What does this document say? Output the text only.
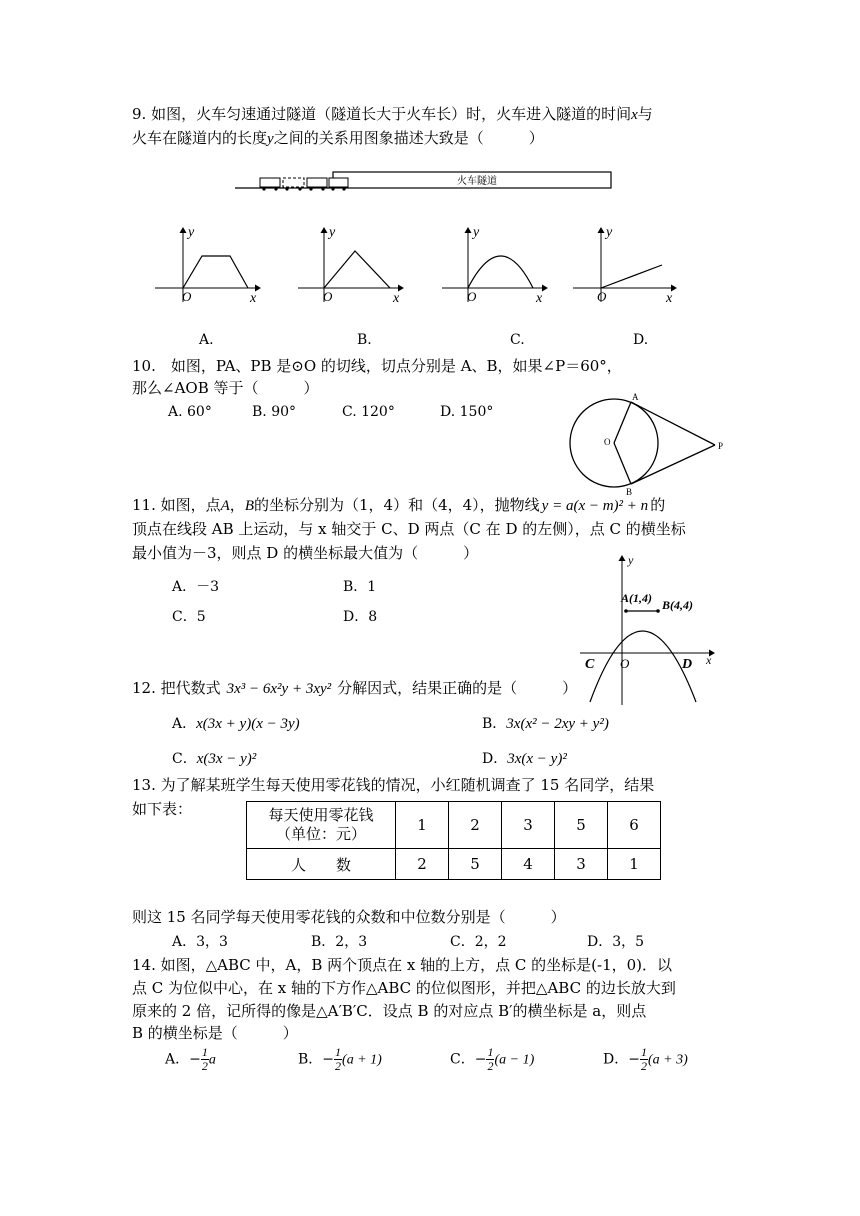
9. 如图，火车匀速通过隧道（隧道长大于火车长）时，火车进入隧道的时间x与
火车在隧道内的长度y之间的关系用图象描述大致是（　　　）
火车隧道
y
O	x
y
O	x
y
O	x
y
O	x
A.	B.	C.	D.
10.　如图，PA、PB 是⊙O 的切线，切点分别是 A、B，如果∠P＝60°，
那么∠AOB 等于（　　　）
A. 60°	B. 90°	C. 120°	D. 150°
A
B
O	P
11. 如图，点A，B的坐标分别为（1，4）和（4，4），抛物线 y = a(x − m)² + n 的
顶点在线段 AB 上运动，与 x 轴交于 C、D 两点（C 在 D 的左侧），点 C 的横坐标
最小值为－3，则点 D 的横坐标最大值为（　　　）
A．－3	B．1
C．5	D．8
y
x
A(1,4) B(4,4)
C O	D
12. 把代数式 3x³ − 6x²y + 3xy² 分解因式，结果正确的是（　　　）
A．x(3x + y)(x − 3y)	B．3x(x² − 2xy + y²)
C．x(3x − y)²	D．3x(x − y)²
13. 为了解某班学生每天使用零花钱的情况，小红随机调查了 15 名同学，结果
如下表：	每天使用零花钱
（单位：元）	1	2	3	5	6
人　　数	2	5	4	3	1
则这 15 名同学每天使用零花钱的众数和中位数分别是（　　　）
A．3，3	B．2，3	C．2，2	D．3，5
14. 如图，△ABC 中，A，B 两个顶点在 x 轴的上方，点 C 的坐标是(-1，0)．以
点 C 为位似中心，在 x 轴的下方作△ABC 的位似图形，并把△ABC 的边长放大到
原来的 2 倍，记所得的像是△A′B′C．设点 B 的对应点 B′的横坐标是 a，则点
B 的横坐标是（　　　）
A．− $\frac{1}{2}$ a	B．− $\frac{1}{2} (a + 1)$	C．− $\frac{1}{2} (a - 1)$	D．− $\frac{1}{2} (a + 3)$
